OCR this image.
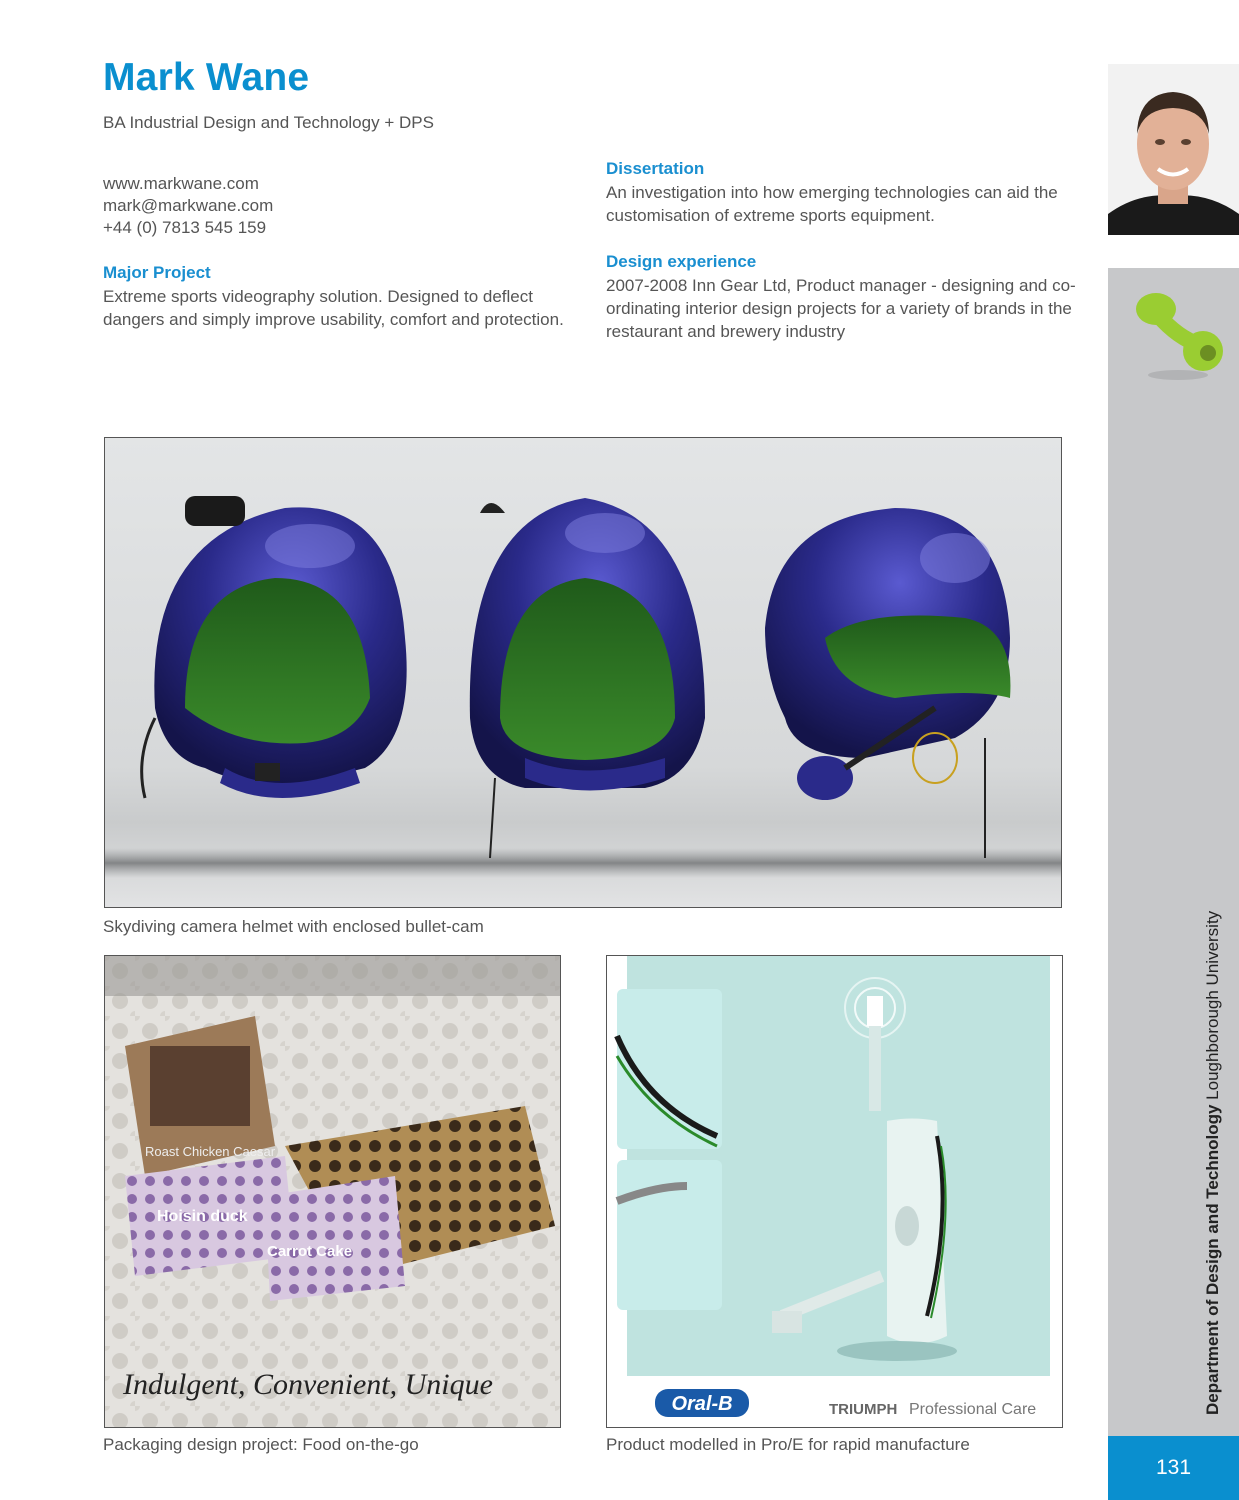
Mark Wane
BA Industrial Design and Technology + DPS
www.markwane.com
mark@markwane.com
+44 (0) 7813 545 159
Major Project
Extreme sports videography solution. Designed to deflect dangers and simply improve usability, comfort and protection.
Dissertation
An investigation into how emerging technologies can aid the customisation of extreme sports equipment.
Design experience
2007-2008 Inn Gear Ltd, Product manager - designing and co-ordinating interior design projects for a variety of brands in the restaurant and brewery industry
Department of Design and Technology Loughborough University
131
Skydiving camera helmet with enclosed bullet-cam
Roast Chicken Caesar
Hoisin duck
Carrot Cake
Indulgent, Convenient, Unique
Packaging design project: Food on-the-go
Oral-B	TRIUMPH Professional Care
Product modelled in Pro/E for rapid manufacture
